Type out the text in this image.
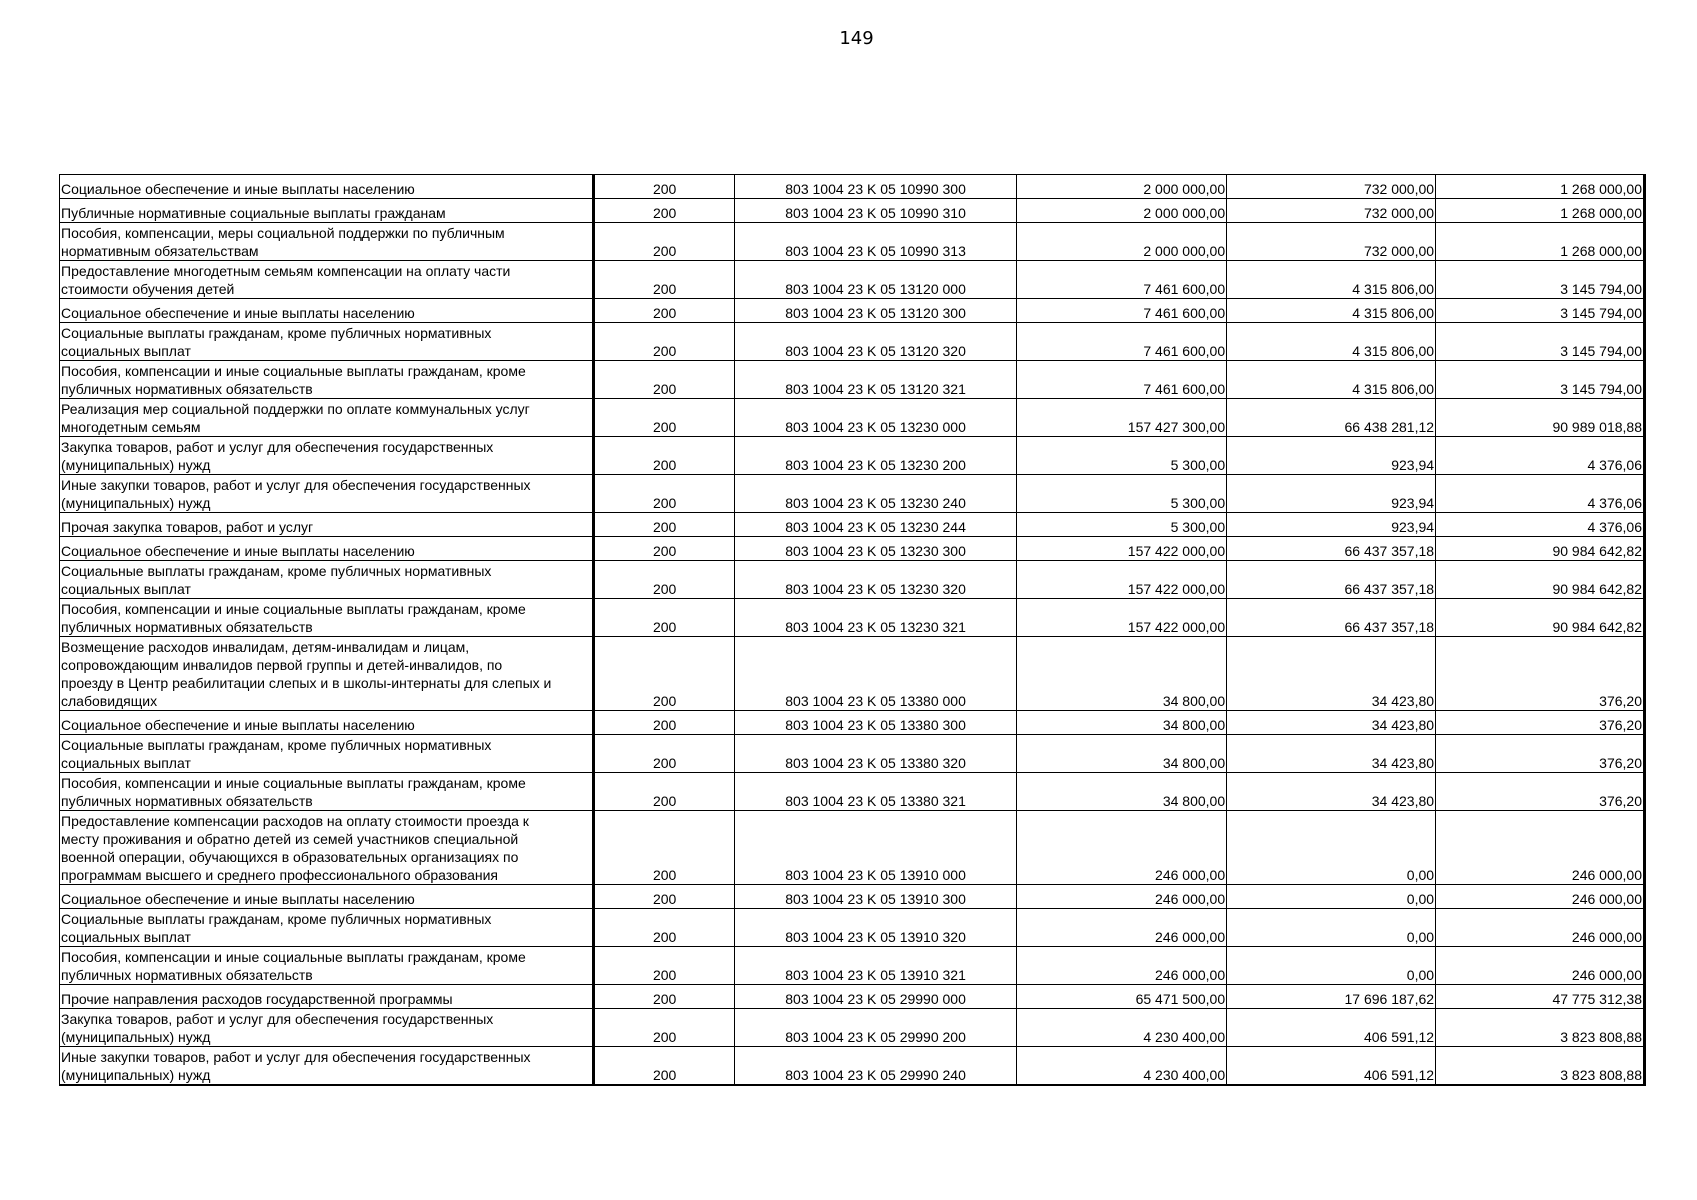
149
Социальное обеспечение и иные выплаты населению	200	803 1004 23 K 05 10990 300	2 000 000,00	732 000,00	1 268 000,00
Публичные нормативные социальные выплаты гражданам	200	803 1004 23 K 05 10990 310	2 000 000,00	732 000,00	1 268 000,00
Пособия, компенсации, меры социальной поддержки по публичным
нормативным обязательствам	200	803 1004 23 K 05 10990 313	2 000 000,00	732 000,00	1 268 000,00
Предоставление многодетным семьям компенсации на оплату части
стоимости обучения детей	200	803 1004 23 K 05 13120 000	7 461 600,00	4 315 806,00	3 145 794,00
Социальное обеспечение и иные выплаты населению	200	803 1004 23 K 05 13120 300	7 461 600,00	4 315 806,00	3 145 794,00
Социальные выплаты гражданам, кроме публичных нормативных
социальных выплат	200	803 1004 23 K 05 13120 320	7 461 600,00	4 315 806,00	3 145 794,00
Пособия, компенсации и иные социальные выплаты гражданам, кроме
публичных нормативных обязательств	200	803 1004 23 K 05 13120 321	7 461 600,00	4 315 806,00	3 145 794,00
Реализация мер социальной поддержки по оплате коммунальных услуг
многодетным семьям	200	803 1004 23 K 05 13230 000	157 427 300,00	66 438 281,12	90 989 018,88
Закупка товаров, работ и услуг для обеспечения государственных
(муниципальных) нужд	200	803 1004 23 K 05 13230 200	5 300,00	923,94	4 376,06
Иные закупки товаров, работ и услуг для обеспечения государственных
(муниципальных) нужд	200	803 1004 23 K 05 13230 240	5 300,00	923,94	4 376,06
Прочая закупка товаров, работ и услуг	200	803 1004 23 K 05 13230 244	5 300,00	923,94	4 376,06
Социальное обеспечение и иные выплаты населению	200	803 1004 23 K 05 13230 300	157 422 000,00	66 437 357,18	90 984 642,82
Социальные выплаты гражданам, кроме публичных нормативных
социальных выплат	200	803 1004 23 K 05 13230 320	157 422 000,00	66 437 357,18	90 984 642,82
Пособия, компенсации и иные социальные выплаты гражданам, кроме
публичных нормативных обязательств	200	803 1004 23 K 05 13230 321	157 422 000,00	66 437 357,18	90 984 642,82
Возмещение расходов инвалидам, детям-инвалидам и лицам,
сопровождающим инвалидов первой группы и детей-инвалидов, по
проезду в Центр реабилитации слепых и в школы-интернаты для слепых и
слабовидящих	200	803 1004 23 K 05 13380 000	34 800,00	34 423,80	376,20
Социальное обеспечение и иные выплаты населению	200	803 1004 23 K 05 13380 300	34 800,00	34 423,80	376,20
Социальные выплаты гражданам, кроме публичных нормативных
социальных выплат	200	803 1004 23 K 05 13380 320	34 800,00	34 423,80	376,20
Пособия, компенсации и иные социальные выплаты гражданам, кроме
публичных нормативных обязательств	200	803 1004 23 K 05 13380 321	34 800,00	34 423,80	376,20
Предоставление компенсации расходов на оплату стоимости проезда к
месту проживания и обратно детей из семей участников специальной
военной операции, обучающихся в образовательных организациях по
программам высшего и среднего профессионального образования	200	803 1004 23 K 05 13910 000	246 000,00	0,00	246 000,00
Социальное обеспечение и иные выплаты населению	200	803 1004 23 K 05 13910 300	246 000,00	0,00	246 000,00
Социальные выплаты гражданам, кроме публичных нормативных
социальных выплат	200	803 1004 23 K 05 13910 320	246 000,00	0,00	246 000,00
Пособия, компенсации и иные социальные выплаты гражданам, кроме
публичных нормативных обязательств	200	803 1004 23 K 05 13910 321	246 000,00	0,00	246 000,00
Прочие направления расходов государственной программы	200	803 1004 23 K 05 29990 000	65 471 500,00	17 696 187,62	47 775 312,38
Закупка товаров, работ и услуг для обеспечения государственных
(муниципальных) нужд	200	803 1004 23 K 05 29990 200	4 230 400,00	406 591,12	3 823 808,88
Иные закупки товаров, работ и услуг для обеспечения государственных
(муниципальных) нужд	200	803 1004 23 K 05 29990 240	4 230 400,00	406 591,12	3 823 808,88
